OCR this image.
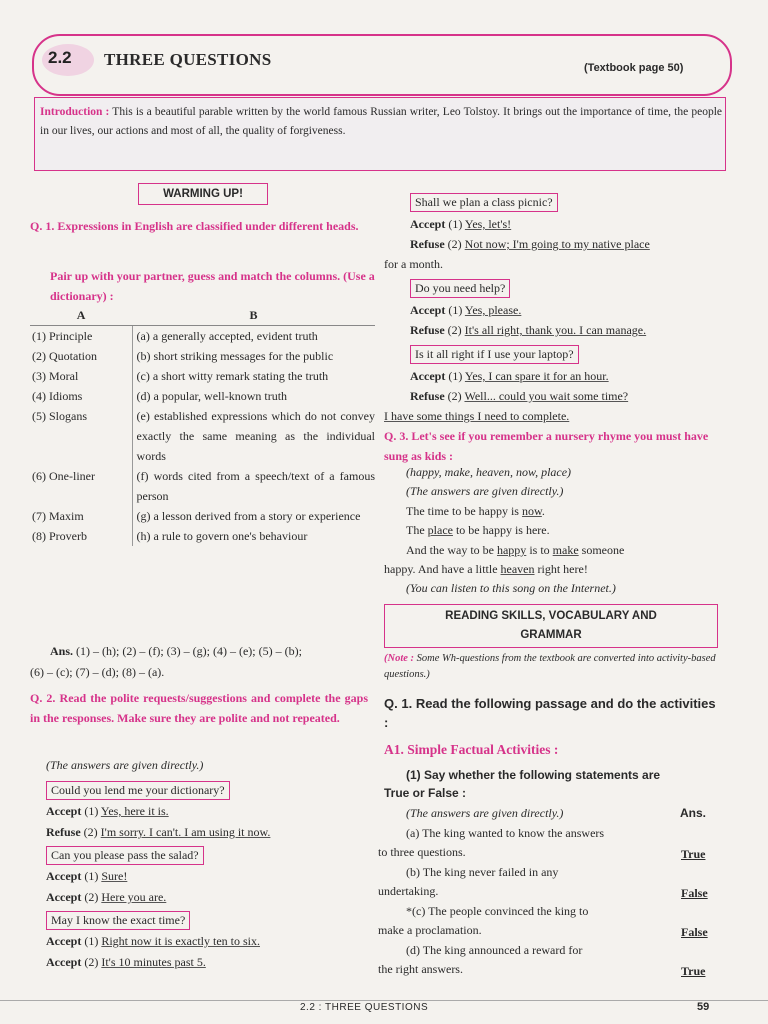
2.2 THREE QUESTIONS	(Textbook page 50)
Introduction : This is a beautiful parable written by the world famous Russian writer, Leo Tolstoy. It brings out the importance of time, the people in our lives, our actions and most of all, the quality of forgiveness.
WARMING UP!
Q. 1. Expressions in English are classified under different heads.
Pair up with your partner, guess and match the columns. (Use a dictionary) :
A	B
(1) Principle	(a) a generally accepted, evident truth
(2) Quotation	(b) short striking messages for the public
(3) Moral	(c) a short witty remark stating the truth
(4) Idioms	(d) a popular, well-known truth
(5) Slogans	(e) established expressions which do not convey exactly the same meaning as the individual words
(6) One-liner	(f) words cited from a speech/text of a famous person
(7) Maxim	(g) a lesson derived from a story or experience
(8) Proverb	(h) a rule to govern one's behaviour
Ans. (1) – (h); (2) – (f); (3) – (g); (4) – (e); (5) – (b);
(6) – (c); (7) – (d); (8) – (a).
Q. 2. Read the polite requests/suggestions and complete the gaps in the responses. Make sure they are polite and not repeated.
(The answers are given directly.)
Could you lend me your dictionary?
Accept (1) Yes, here it is.
Refuse (2) I'm sorry. I can't. I am using it now.
Can you please pass the salad?
Accept (1) Sure!
Accept (2) Here you are.
May I know the exact time?
Accept (1) Right now it is exactly ten to six.
Accept (2) It's 10 minutes past 5.
Shall we plan a class picnic?
Accept (1) Yes, let's!
Refuse (2) Not now; I'm going to my native place
for a month.
Do you need help?
Accept (1) Yes, please.
Refuse (2) It's all right, thank you. I can manage.
Is it all right if I use your laptop?
Accept (1) Yes, I can spare it for an hour.
Refuse (2) Well... could you wait some time?
I have some things I need to complete.
Q. 3. Let's see if you remember a nursery rhyme you must have sung as kids :
(happy, make, heaven, now, place)
(The answers are given directly.)
The time to be happy is now.
The place to be happy is here.
And the way to be happy is to make someone
happy. And have a little heaven right here!
(You can listen to this song on the Internet.)
READING SKILLS, VOCABULARY AND
GRAMMAR
(Note : Some Wh-questions from the textbook are converted into activity-based questions.)
Q. 1. Read the following passage and do the activities :
A1. Simple Factual Activities :
(1) Say whether the following statements are
True or False :
(The answers are given directly.)	Ans.
(a) The king wanted to know the answers
to three questions.	True
(b) The king never failed in any
undertaking.	False
*(c) The people convinced the king to
make a proclamation.	False
(d) The king announced a reward for
the right answers.	True
2.2 : THREE QUESTIONS	59
